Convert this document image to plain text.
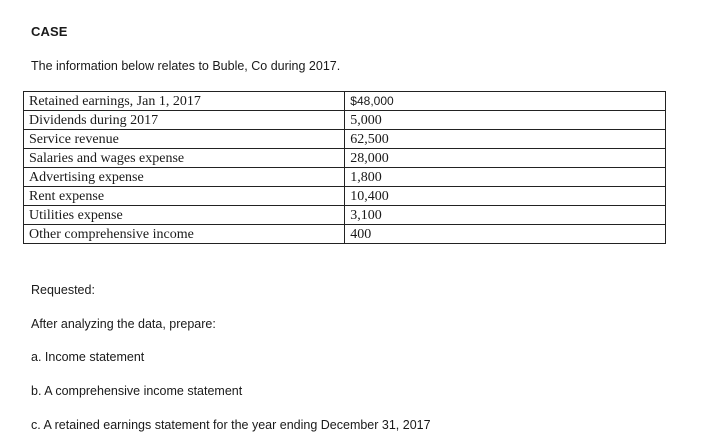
CASE
The information below relates to Buble, Co during 2017.
Retained earnings, Jan 1, 2017	$48,000
Dividends during 2017	5,000
Service revenue	62,500
Salaries and wages expense	28,000
Advertising expense	1,800
Rent expense	10,400
Utilities expense	3,100
Other comprehensive income	400
Requested:
After analyzing the data, prepare:
a. Income statement
b. A comprehensive income statement
c. A retained earnings statement for the year ending December 31, 2017
